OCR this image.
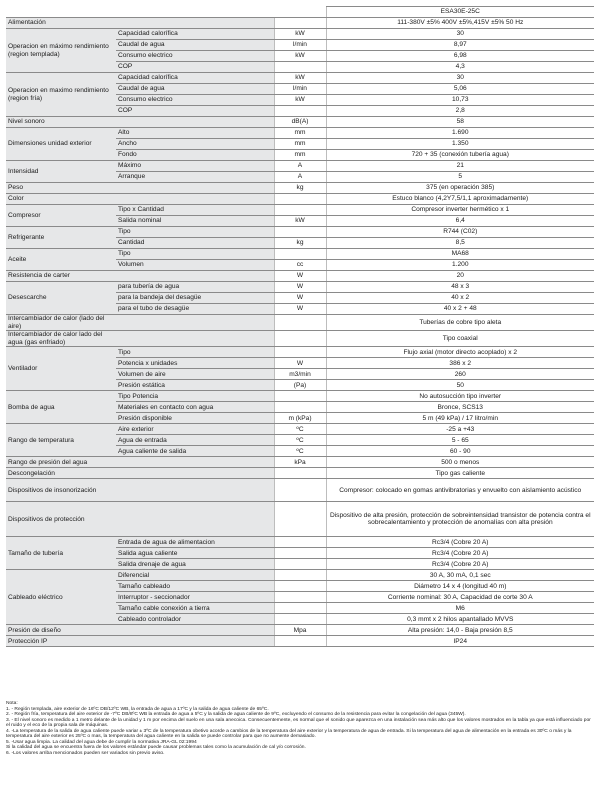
			ESA30E-25C
Alimentación			111-380V ±5% 400V ±5%,415V ±5% 50 Hz
Operacion en máximo rendimiento (region templada)	Capacidad calorífica	kW	30
	Caudal de agua	l/min	8,97
	Consumo electrico	kW	6,98
	COP		4,3
Operacion en maximo rendimiento (region fría)	Capacidad calorífica	kW	30
	Caudal de agua	l/min	5,06
	Consumo electrico	kW	10,73
	COP		2,8
Nivel sonoro		dB(A)	58
Dimensiones unidad exterior	Alto	mm	1.690
	Ancho	mm	1.350
	Fondo	mm	720 + 35 (conexión tubería agua)
Intensidad	Máximo	A	21
	Arranque	A	5
Peso		kg	375 (en operación 385)
Color			Estuco blanco (4,2Y7,5/1,1 aproximadamente)
Compresor	Tipo x Cantidad		Compresor inverter hermético x 1
	Salida nominal	kW	6,4
Refrigerante	Tipo		R744 (C02)
	Cantidad	kg	8,5
Aceite	Tipo		MA68
	Volumen	cc	1.200
Resistencia de carter		W	20
Desescarche	para tubería de agua	W	48 x 3
	para la bandeja del desagüe	W	40 x 2
	para el tubo de desagüe	W	40 x 2 + 48
Intercambiador de calor (lado del aire)			Tuberías de cobre tipo aleta
Intercambiador de calor lado del agua (gas enfriado)			Tipo coaxial
Ventilador	Tipo		Flujo axial (motor directo acoplado) x 2
	Potencia x unidades	W	386 x 2
	Volumen de aire	m3/min	260
	Presión estática	(Pa)	50
Bomba de agua	Tipo Potencia		No autosucción tipo inverter
	Materiales en contacto con agua		Bronce, SCS13
	Presión disponible	m (kPa)	5 m (49 kPa) / 17 litro/min
Rango de temperatura	Aire exterior	ºC	-25 a +43
	Agua de entrada	ºC	5 - 65
	Agua caliente de salida	ºC	60 - 90
Rango de presión del agua		kPa	500 o menos
Descongelación			Tipo gas caliente
Dispositivos de insonorización			Compresor: colocado en gomas antivibratorias y envuelto con aislamiento acústico
Dispositivos de protección			Dispositivo de alta presión, protección de sobreintensidad transistor de potencia contra el sobrecalentamiento y protección de anomalías con alta presión
Tamaño de tubería	Entrada de agua de alimentacion		Rc3/4 (Cobre 20 A)
	Salida agua caliente		Rc3/4 (Cobre 20 A)
	Salida drenaje de agua		Rc3/4 (Cobre 20 A)
Cableado eléctrico	Diferencial		30 A, 30 mA, 0,1 sec
	Tamaño cableado		Diámetro 14 x 4 (longitud 40 m)
	Interruptor - seccionador		Corriente nominal: 30 A, Capacidad de corte 30 A
	Tamaño cable conexión a tierra		M6
	Cableado controlador		0,3 mmt x 2 hilos apantallado MVVS
Presión de diseño		Mpa	Alta presión: 14,0 - Baja presión 8,5
Protección IP			IP24
Nota:
1. - Región templada, aire exterior de 16ºC DB/12ºC WB, la entrada de agua a 17ºC y la salida de agua caliente de 65ºC.
2. - Región fría, temperatura del aire exterior de -7ºC DB/8ºC WB la entrada de agua a 5ºC y la salida de agua caliente de 9ºC, excluyendo el consumo de la resistencia para evitar la congelación del agua (345W).
3. - El nivel sonoro es medido a 1 metro delante de la unidad y 1 m por encima del suelo en una sala anecoica. Consecuentemente, es normal que el sonido que aparezca en una instalación sea más alto que los valores mostrados en la tabla ya que está influenciado por el ruido y el eco de la propia sala de máquinas.
4. -La temperatura de la salida de agua caliente puede variar ± 3ºC de la temperatura obetivo acorde a cambios de la temperatura del aire exterior y la temperatura de agua de entrada. Si la temperatura del agua de alimentación en la entrada es 30ºC o más y la temperatura del aire exterior es 25ºC o mas, la temperatura del agua caliente en la salida se puede controlar para que no aumente demasiado.
5. -Usar agua limpia. La calidad del agua debe de cumplir la normativa JRA-GL 02:1994
Si la calidad del agua se encuentra fuera de los valores estándar puede causar problemas tales como la acumulación de cal y/o corrosión.
6. -Los valores arriba mencionados pueden ser variados sin previo aviso.
